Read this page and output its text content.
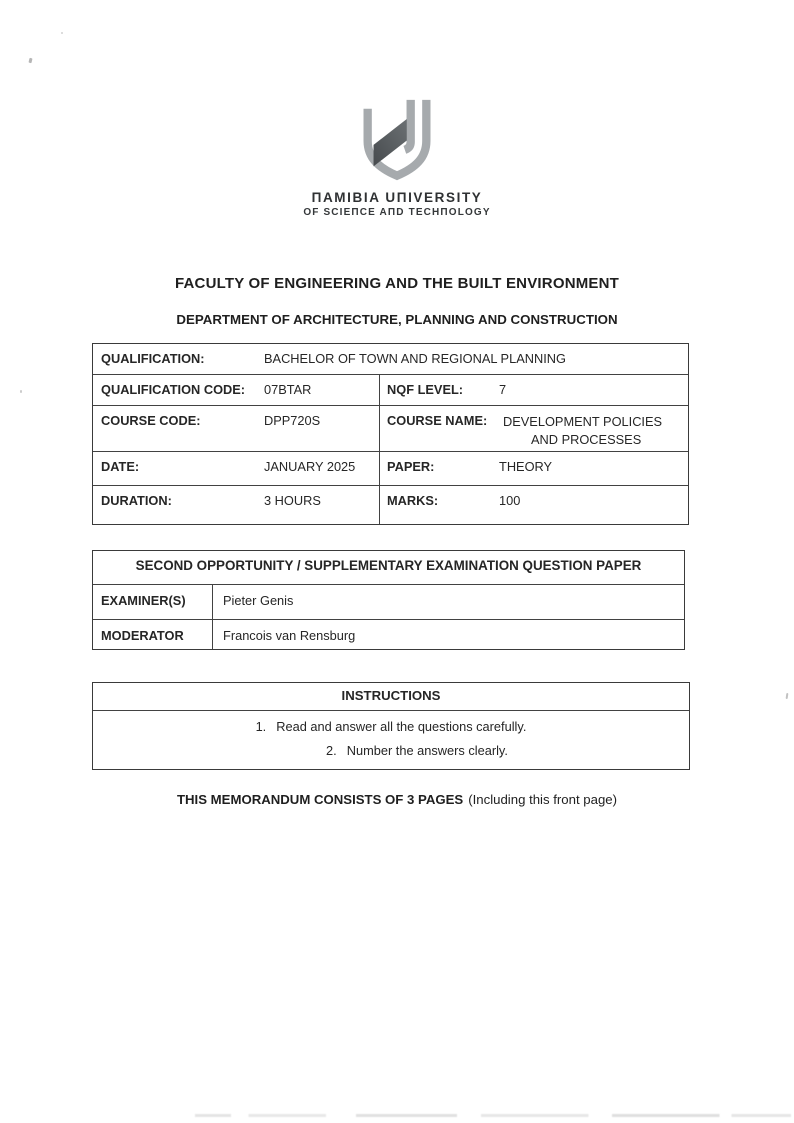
ΠAMIBIA UΠIVERSITY
OF SCIEΠCE AΠD TECHΠOLOGY
FACULTY OF ENGINEERING AND THE BUILT ENVIRONMENT
DEPARTMENT OF ARCHITECTURE, PLANNING AND CONSTRUCTION
QUALIFICATION:	BACHELOR OF TOWN AND REGIONAL PLANNING
QUALIFICATION CODE:	07BTAR	NQF LEVEL:	7
COURSE CODE:	DPP720S	COURSE NAME:	DEVELOPMENT POLICIES
AND PROCESSES
DATE:	JANUARY 2025 PAPER:	THEORY
DURATION:	3 HOURS	MARKS:	100
SECOND OPPORTUNITY / SUPPLEMENTARY EXAMINATION QUESTION PAPER
EXAMINER(S)	Pieter Genis
MODERATOR	Francois van Rensburg
INSTRUCTIONS
1. Read and answer all the questions carefully.
2. Number the answers clearly.
THIS MEMORANDUM CONSISTS OF 3 PAGES (Including this front page)
